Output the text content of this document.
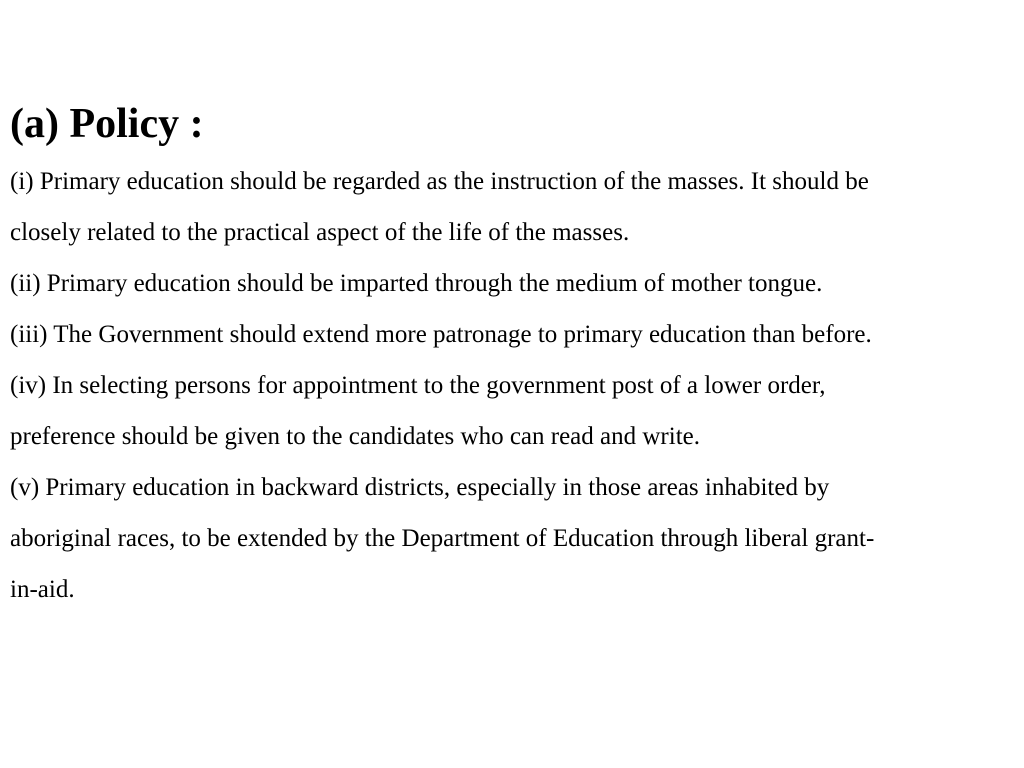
(a) Policy :
(i) Primary education should be regarded as the instruction of the masses. It should be
closely related to the practical aspect of the life of the masses.
(ii) Primary education should be imparted through the medium of mother tongue.
(iii) The Government should extend more patronage to primary education than before.
(iv) In selecting persons for appointment to the government post of a lower order,
preference should be given to the candidates who can read and write.
(v) Primary education in backward districts, especially in those areas inhabited by
aboriginal races, to be extended by the Department of Education through liberal grant-
in-aid.
